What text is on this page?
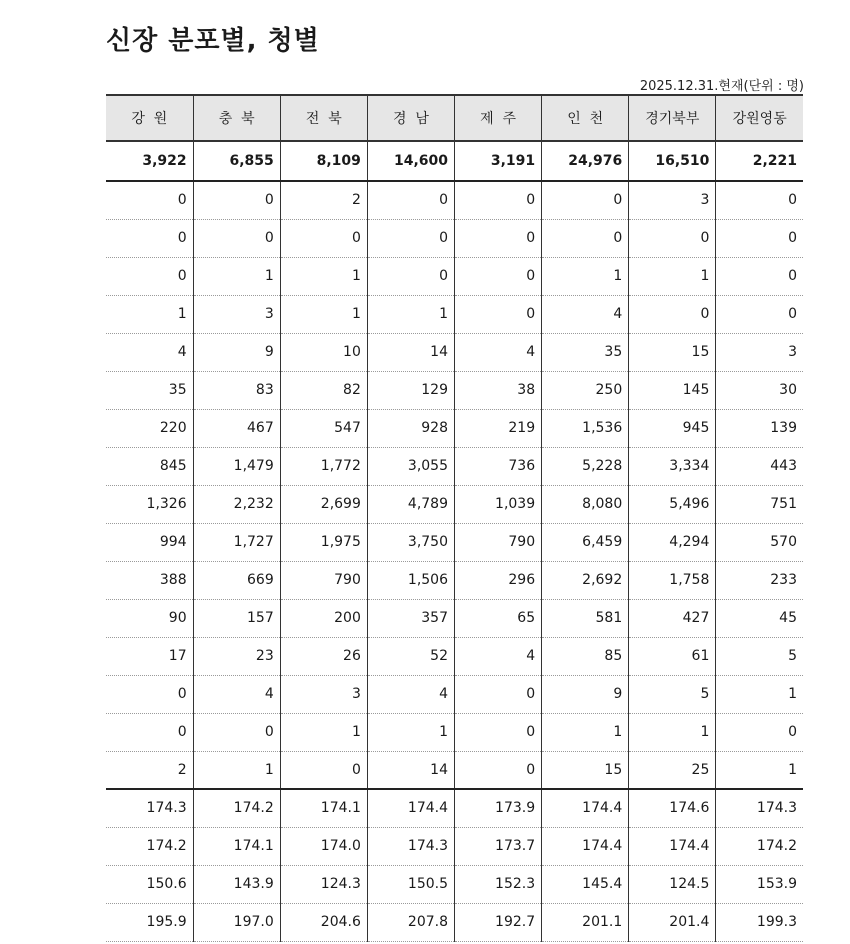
신장 분포별, 청별
2025.12.31.현재(단위 : 명)
강  원	충  북	전  북	경  남	제  주	인  천	경기북부	강원영동
3,922	6,855	8,109	14,600	3,191	24,976	16,510	2,221
0	0	2	0	0	0	3	0
0	0	0	0	0	0	0	0
0	1	1	0	0	1	1	0
1	3	1	1	0	4	0	0
4	9	10	14	4	35	15	3
35	83	82	129	38	250	145	30
220	467	547	928	219	1,536	945	139
845	1,479	1,772	3,055	736	5,228	3,334	443
1,326	2,232	2,699	4,789	1,039	8,080	5,496	751
994	1,727	1,975	3,750	790	6,459	4,294	570
388	669	790	1,506	296	2,692	1,758	233
90	157	200	357	65	581	427	45
17	23	26	52	4	85	61	5
0	4	3	4	0	9	5	1
0	0	1	1	0	1	1	0
2	1	0	14	0	15	25	1
174.3	174.2	174.1	174.4	173.9	174.4	174.6	174.3
174.2	174.1	174.0	174.3	173.7	174.4	174.4	174.2
150.6	143.9	124.3	150.5	152.3	145.4	124.5	153.9
195.9	197.0	204.6	207.8	192.7	201.1	201.4	199.3
